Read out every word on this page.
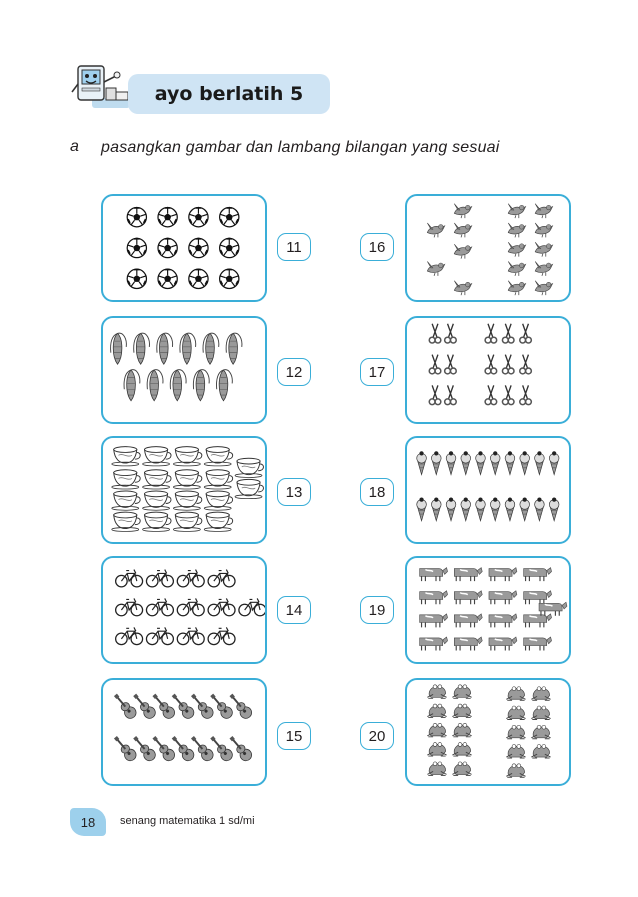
ayo berlatih 5
a pasangkan gambar dan lambang bilangan yang sesuai
11
12
13
14
15
16
17
18
19
20
18 senang matematika 1 sd/mi
